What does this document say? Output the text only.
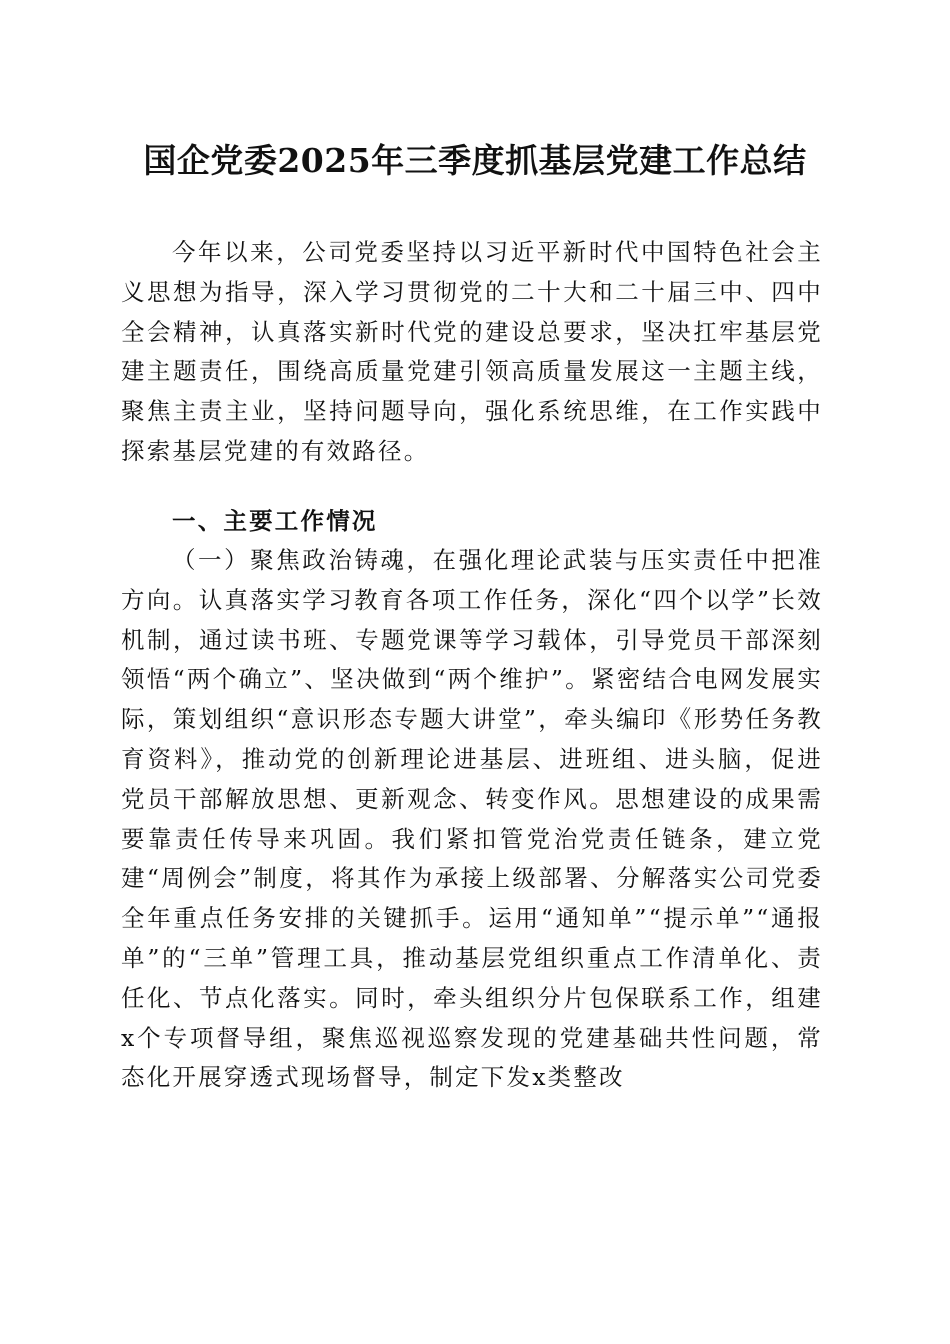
国企党委2025年三季度抓基层党建工作总结

今年以来，公司党委坚持以习近平新时代中国特色社会主义思想为指导，深入学习贯彻党的二十大和二十届三中、四中全会精神，认真落实新时代党的建设总要求，坚决扛牢基层党建主题责任，围绕高质量党建引领高质量发展这一主题主线，聚焦主责主业，坚持问题导向，强化系统思维，在工作实践中探索基层党建的有效路径。

一、主要工作情况

（一）聚焦政治铸魂，在强化理论武装与压实责任中把准方向。认真落实学习教育各项工作任务，深化“四个以学”长效机制，通过读书班、专题党课等学习载体，引导党员干部深刻领悟“两个确立”、坚决做到“两个维护”。紧密结合电网发展实际，策划组织“意识形态专题大讲堂”，牵头编印《形势任务教育资料》，推动党的创新理论进基层、进班组、进头脑，促进党员干部解放思想、更新观念、转变作风。思想建设的成果需要靠责任传导来巩固。我们紧扣管党治党责任链条，建立党建“周例会”制度，将其作为承接上级部署、分解落实公司党委全年重点任务安排的关键抓手。运用“通知单”“提示单”“通报单”的“三单”管理工具，推动基层党组织重点工作清单化、责任化、节点化落实。同时，牵头组织分片包保联系工作，组建x个专项督导组，聚焦巡视巡察发现的党建基础共性问题，常态化开展穿透式现场督导，制定下发x类整改
